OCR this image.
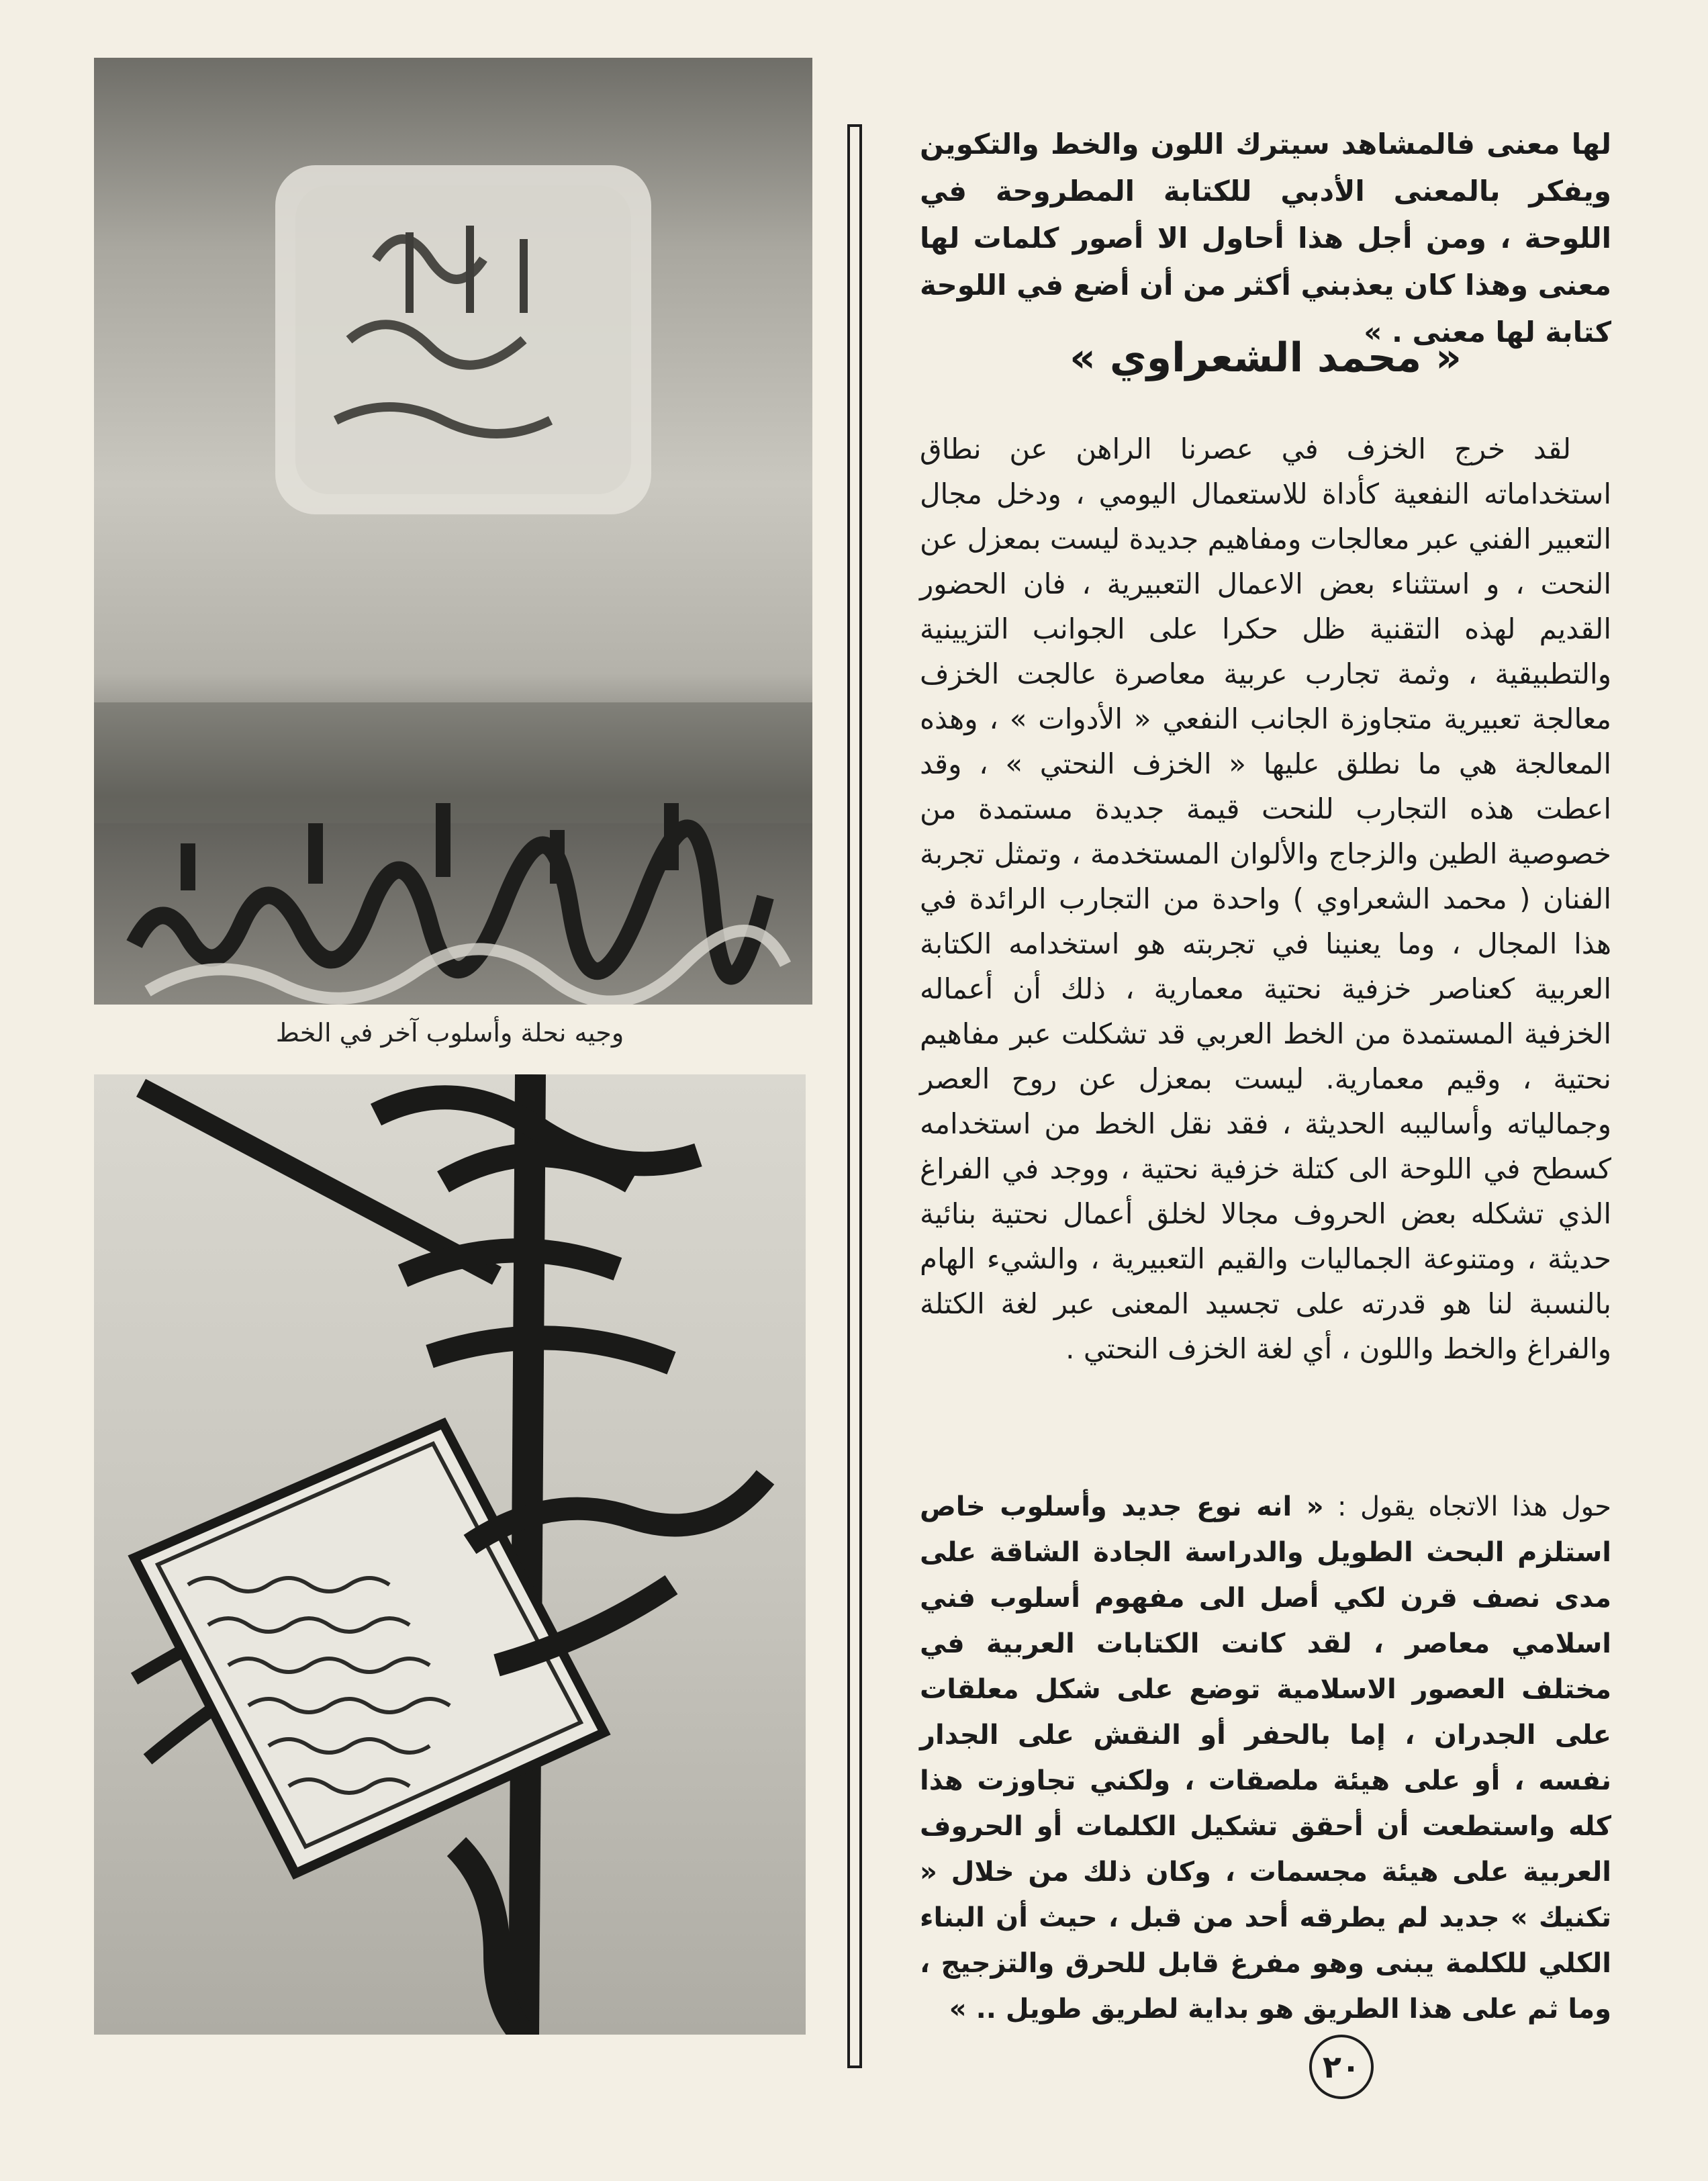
وجيه نحلة وأسلوب آخر في الخط
لها معنى فالمشاهد سيترك اللون والخط والتكوين ويفكر بالمعنى الأدبي للكتابة المطروحة في اللوحة ، ومن أجل هذا أحاول الا أصور كلمات لها معنى وهذا كان يعذبني أكثر من أن أضع في اللوحة كتابة لها معنى . »
« محمد الشعراوي »

لقد خرج الخزف في عصرنا الراهن عن نطاق استخداماته النفعية كأداة للاستعمال اليومي ، ودخل مجال التعبير الفني عبر معالجات ومفاهيم جديدة ليست بمعزل عن النحت ، و استثناء بعض الاعمال التعبيرية ، فان الحضور القديم لهذه التقنية ظل حكرا على الجوانب التزيينية والتطبيقية ، وثمة تجارب عربية معاصرة عالجت الخزف معالجة تعبيرية متجاوزة الجانب النفعي « الأدوات » ، وهذه المعالجة هي ما نطلق عليها « الخزف النحتي » ، وقد اعطت هذه التجارب للنحت قيمة جديدة مستمدة من خصوصية الطين والزجاج والألوان المستخدمة ، وتمثل تجربة الفنان ( محمد الشعراوي ) واحدة من التجارب الرائدة في هذا المجال ، وما يعنينا في تجربته هو استخدامه الكتابة العربية كعناصر خزفية نحتية معمارية ، ذلك أن أعماله الخزفية المستمدة من الخط العربي قد تشكلت عبر مفاهيم نحتية ، وقيم معمارية. ليست بمعزل عن روح العصر وجمالياته وأساليبه الحديثة ، فقد نقل الخط من استخدامه كسطح في اللوحة الى كتلة خزفية نحتية ، ووجد في الفراغ الذي تشكله بعض الحروف مجالا لخلق أعمال نحتية بنائية حديثة ، ومتنوعة الجماليات والقيم التعبيرية ، والشيء الهام بالنسبة لنا هو قدرته على تجسيد المعنى عبر لغة الكتلة والفراغ والخط واللون ، أي لغة الخزف النحتي .

حول هذا الاتجاه يقول : « انه نوع جديد وأسلوب خاص استلزم البحث الطويل والدراسة الجادة الشاقة على مدى نصف قرن لكي أصل الى مفهوم أسلوب فني اسلامي معاصر ، لقد كانت الكتابات العربية في مختلف العصور الاسلامية توضع على شكل معلقات على الجدران ، إما بالحفر أو النقش على الجدار نفسه ، أو على هيئة ملصقات ، ولكني تجاوزت هذا كله واستطعت أن أحقق تشكيل الكلمات أو الحروف العربية على هيئة مجسمات ، وكان ذلك من خلال « تكنيك » جديد لم يطرقه أحد من قبل ، حيث أن البناء الكلي للكلمة يبنى وهو مفرغ قابل للحرق والتزجيج ، وما ثم على هذا الطريق هو بداية لطريق طويل .. »
٢٠
